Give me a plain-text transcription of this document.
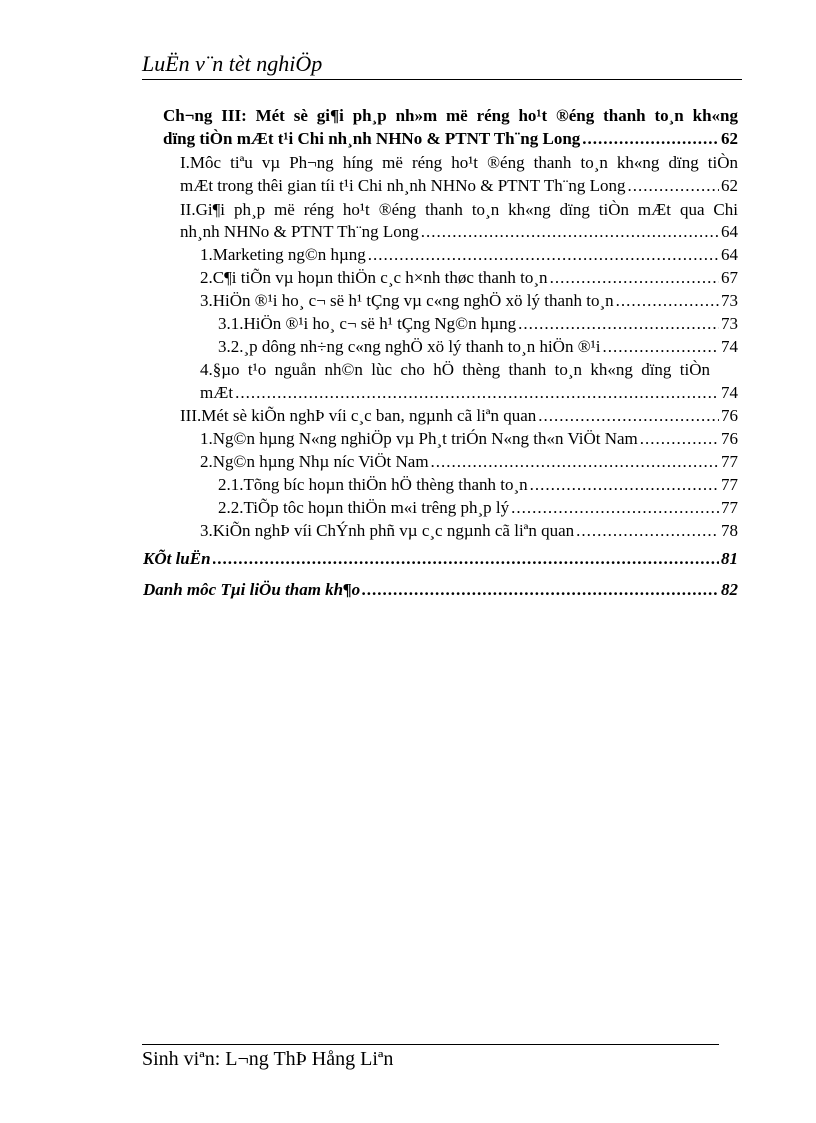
LuËn v¨n tèt nghiÖp
Ch¬ng III: Mét sè gi¶i ph¸p nh»m më réng ho¹t ®éng thanh to¸n kh«ng
dïng tiÒn mÆt t¹i Chi nh¸nh NHNo & PTNT Th¨ng Long .....	62
I.Môc tiªu vµ Ph¬ng híng më réng ho¹t ®éng thanh to¸n kh«ng dïng tiÒn
mÆt trong thêi gian tíi t¹i Chi nh¸nh NHNo & PTNT Th¨ng Long .....	62
II.Gi¶i ph¸p më réng ho¹t ®éng thanh to¸n kh«ng dïng tiÒn mÆt qua Chi
nh¸nh NHNo & PTNT Th¨ng Long .....	64
1.Marketing ng©n hµng .....	64
2.C¶i tiÕn vµ hoµn thiÖn c¸c h×nh thøc thanh to¸n .....	67
3.HiÖn ®¹i ho¸ c¬ së h¹ tÇng vµ c«ng nghÖ xö lý thanh to¸n .....	73
3.1.HiÖn ®¹i ho¸ c¬ së h¹ tÇng Ng©n hµng .....	73
3.2.¸p dông nh÷ng c«ng nghÖ xö lý thanh to¸n hiÖn ®¹i .....	74
4.§µo t¹o nguån nh©n lùc cho hÖ thèng thanh to¸n kh«ng dïng tiÒn
mÆt .....	74
III.Mét sè kiÕn nghÞ víi c¸c ban, ngµnh cã liªn quan .....	76
1.Ng©n hµng N«ng nghiÖp vµ Ph¸t triÓn N«ng th«n ViÖt Nam .....	76
2.Ng©n hµng Nhµ níc ViÖt Nam .....	77
2.1.Tõng bíc hoµn thiÖn hÖ thèng thanh to¸n .....	77
2.2.TiÕp tôc hoµn thiÖn m«i trêng ph¸p lý .....	77
3.KiÕn nghÞ víi ChÝnh phñ vµ c¸c ngµnh cã liªn quan .....	78
KÕt luËn .....	81
Danh môc Tµi liÖu tham kh¶o .....	82
Sinh viªn: L¬ng ThÞ Hång Liªn
